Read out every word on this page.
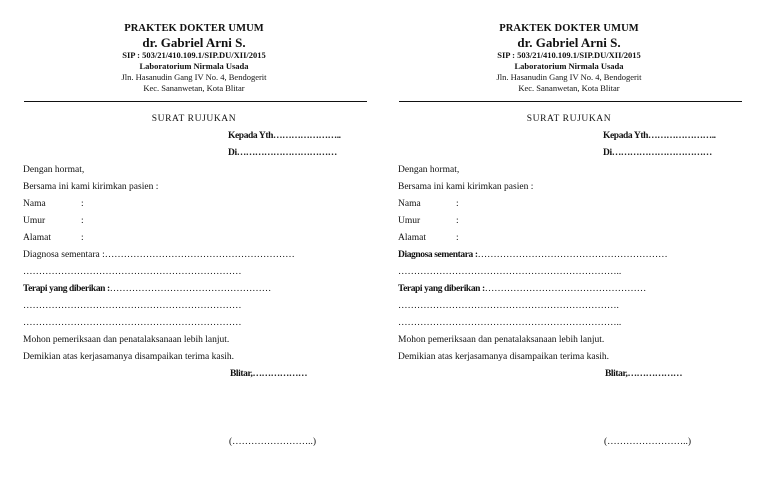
PRAKTEK DOKTER UMUM
dr. Gabriel Arni S.
SIP : 503/21/410.109.1/SIP.DU/XII/2015
Laboratorium Nirmala Usada
Jln. Hasanudin Gang IV No. 4, Bendogerit
Kec. Sananwetan, Kota Blitar
SURAT RUJUKAN
Kepada Yth…………………..
Di……………………………
Dengan hormat,
Bersama ini kami kirimkan pasien :
Nama	:
Umur	:
Alamat	:
Diagnosa sementara :……………………………………………………
……………………………………………………………
Terapi yang diberikan :……………………………………………
……………………………………………………………
……………………………………………………………
Mohon pemeriksaan dan penatalaksanaan lebih lanjut.
Demikian atas kerjasamanya disampaikan terima kasih.
Blitar,………………
(……………………..)
PRAKTEK DOKTER UMUM
dr. Gabriel Arni S.
SIP : 503/21/410.109.1/SIP.DU/XII/2015
Laboratorium Nirmala Usada
Jln. Hasanudin Gang IV No. 4, Bendogerit
Kec. Sananwetan, Kota Blitar
SURAT RUJUKAN
Kepada Yth…………………..
Di……………………………
Dengan hormat,
Bersama ini kami kirimkan pasien :
Nama	:
Umur	:
Alamat	:
Diagnosa sementara :……………………………………………………
……………………………………………………………..
Terapi yang diberikan :……………………………………………
…………………………………………………………….
……………………………………………………………..
Mohon pemeriksaan dan penatalaksanaan lebih lanjut.
Demikian atas kerjasamanya disampaikan terima kasih.
Blitar,………………
(……………………..)
